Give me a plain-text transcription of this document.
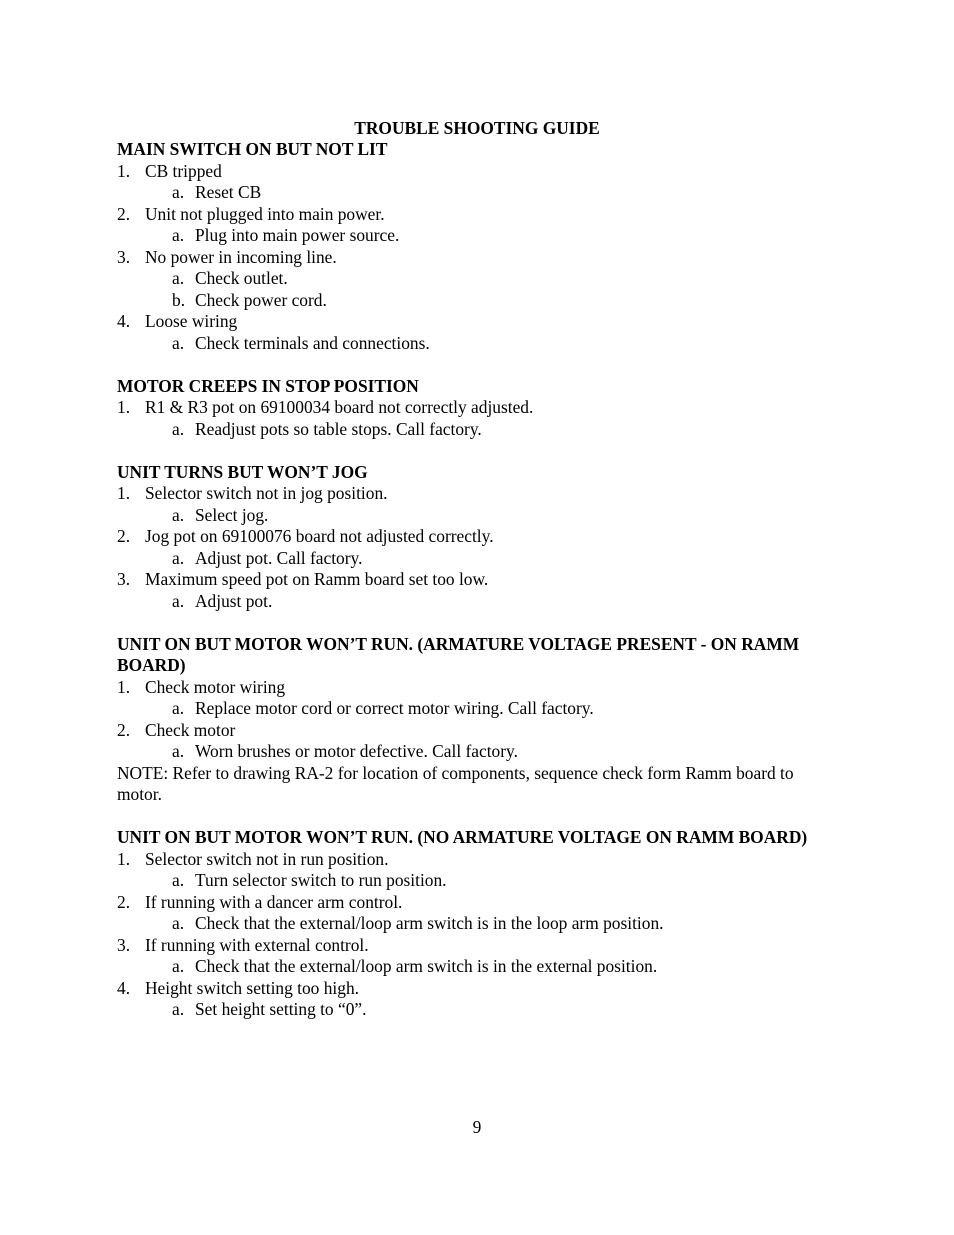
TROUBLE SHOOTING GUIDE
MAIN SWITCH ON BUT NOT LIT
1. CB tripped
a. Reset CB
2. Unit not plugged into main power.
a. Plug into main power source.
3. No power in incoming line.
a. Check outlet.
b. Check power cord.
4. Loose wiring
a. Check terminals and connections.
MOTOR CREEPS IN STOP POSITION
1. R1 & R3 pot on 69100034 board not correctly adjusted.
a. Readjust pots so table stops. Call factory.
UNIT TURNS BUT WON’T JOG
1. Selector switch not in jog position.
a. Select jog.
2. Jog pot on 69100076 board not adjusted correctly.
a. Adjust pot. Call factory.
3. Maximum speed pot on Ramm board set too low.
a. Adjust pot.
UNIT ON BUT MOTOR WON’T RUN. (ARMATURE VOLTAGE PRESENT - ON RAMM BOARD)
1. Check motor wiring
a. Replace motor cord or correct motor wiring. Call factory.
2. Check motor
a. Worn brushes or motor defective. Call factory.

NOTE: Refer to drawing RA-2 for location of components, sequence check form Ramm board to motor.

UNIT ON BUT MOTOR WON’T RUN. (NO ARMATURE VOLTAGE ON RAMM BOARD)
1. Selector switch not in run position.
a. Turn selector switch to run position.
2. If running with a dancer arm control.
a. Check that the external/loop arm switch is in the loop arm position.
3. If running with external control.
a. Check that the external/loop arm switch is in the external position.
4. Height switch setting too high.
a. Set height setting to “0”.

9
